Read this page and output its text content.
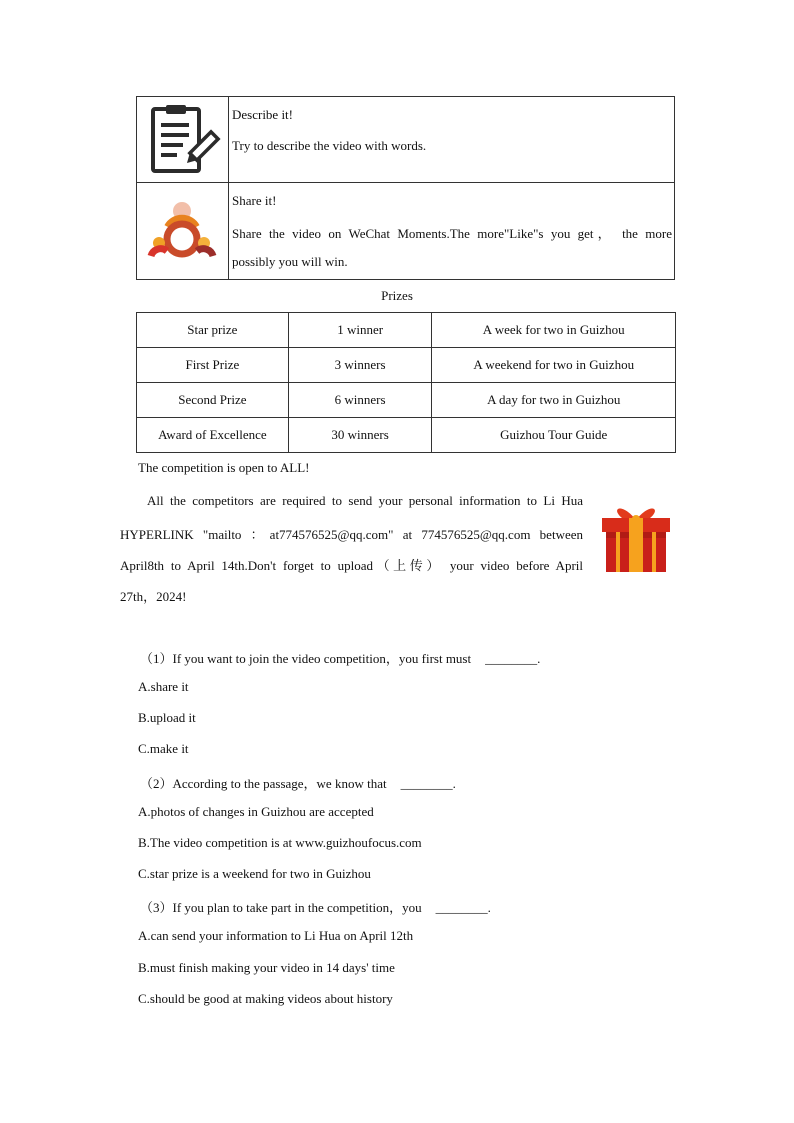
Describe it!
Try to describe the video with words.
Share it!
Share the video on WeChat Moments.The more"Like"s you get， the more
possibly you will win.
Prizes
Star prize	1 winner	A week for two in Guizhou
First Prize	3 winners	A weekend for two in Guizhou
Second Prize	6 winners	A day for two in Guizhou
Award of Excellence	30 winners	Guizhou Tour Guide
The competition is open to ALL!
All the competitors are required to send your personal information to Li Hua
HYPERLINK "mailto ：at774576525@qq.com" at 774576525@qq.com between
April8th to April 14th.Don't forget to upload（上传） your video before April
27th，2024!
（1）If you want to join the video competition，you first must ________.
A.share it
B.upload it
C.make it
（2）According to the passage，we know that ________.
A.photos of changes in Guizhou are accepted
B.The video competition is at www.guizhoufocus.com
C.star prize is a weekend for two in Guizhou
（3）If you plan to take part in the competition，you ________.
A.can send your information to Li Hua on April 12th
B.must finish making your video in 14 days' time
C.should be good at making videos about history
